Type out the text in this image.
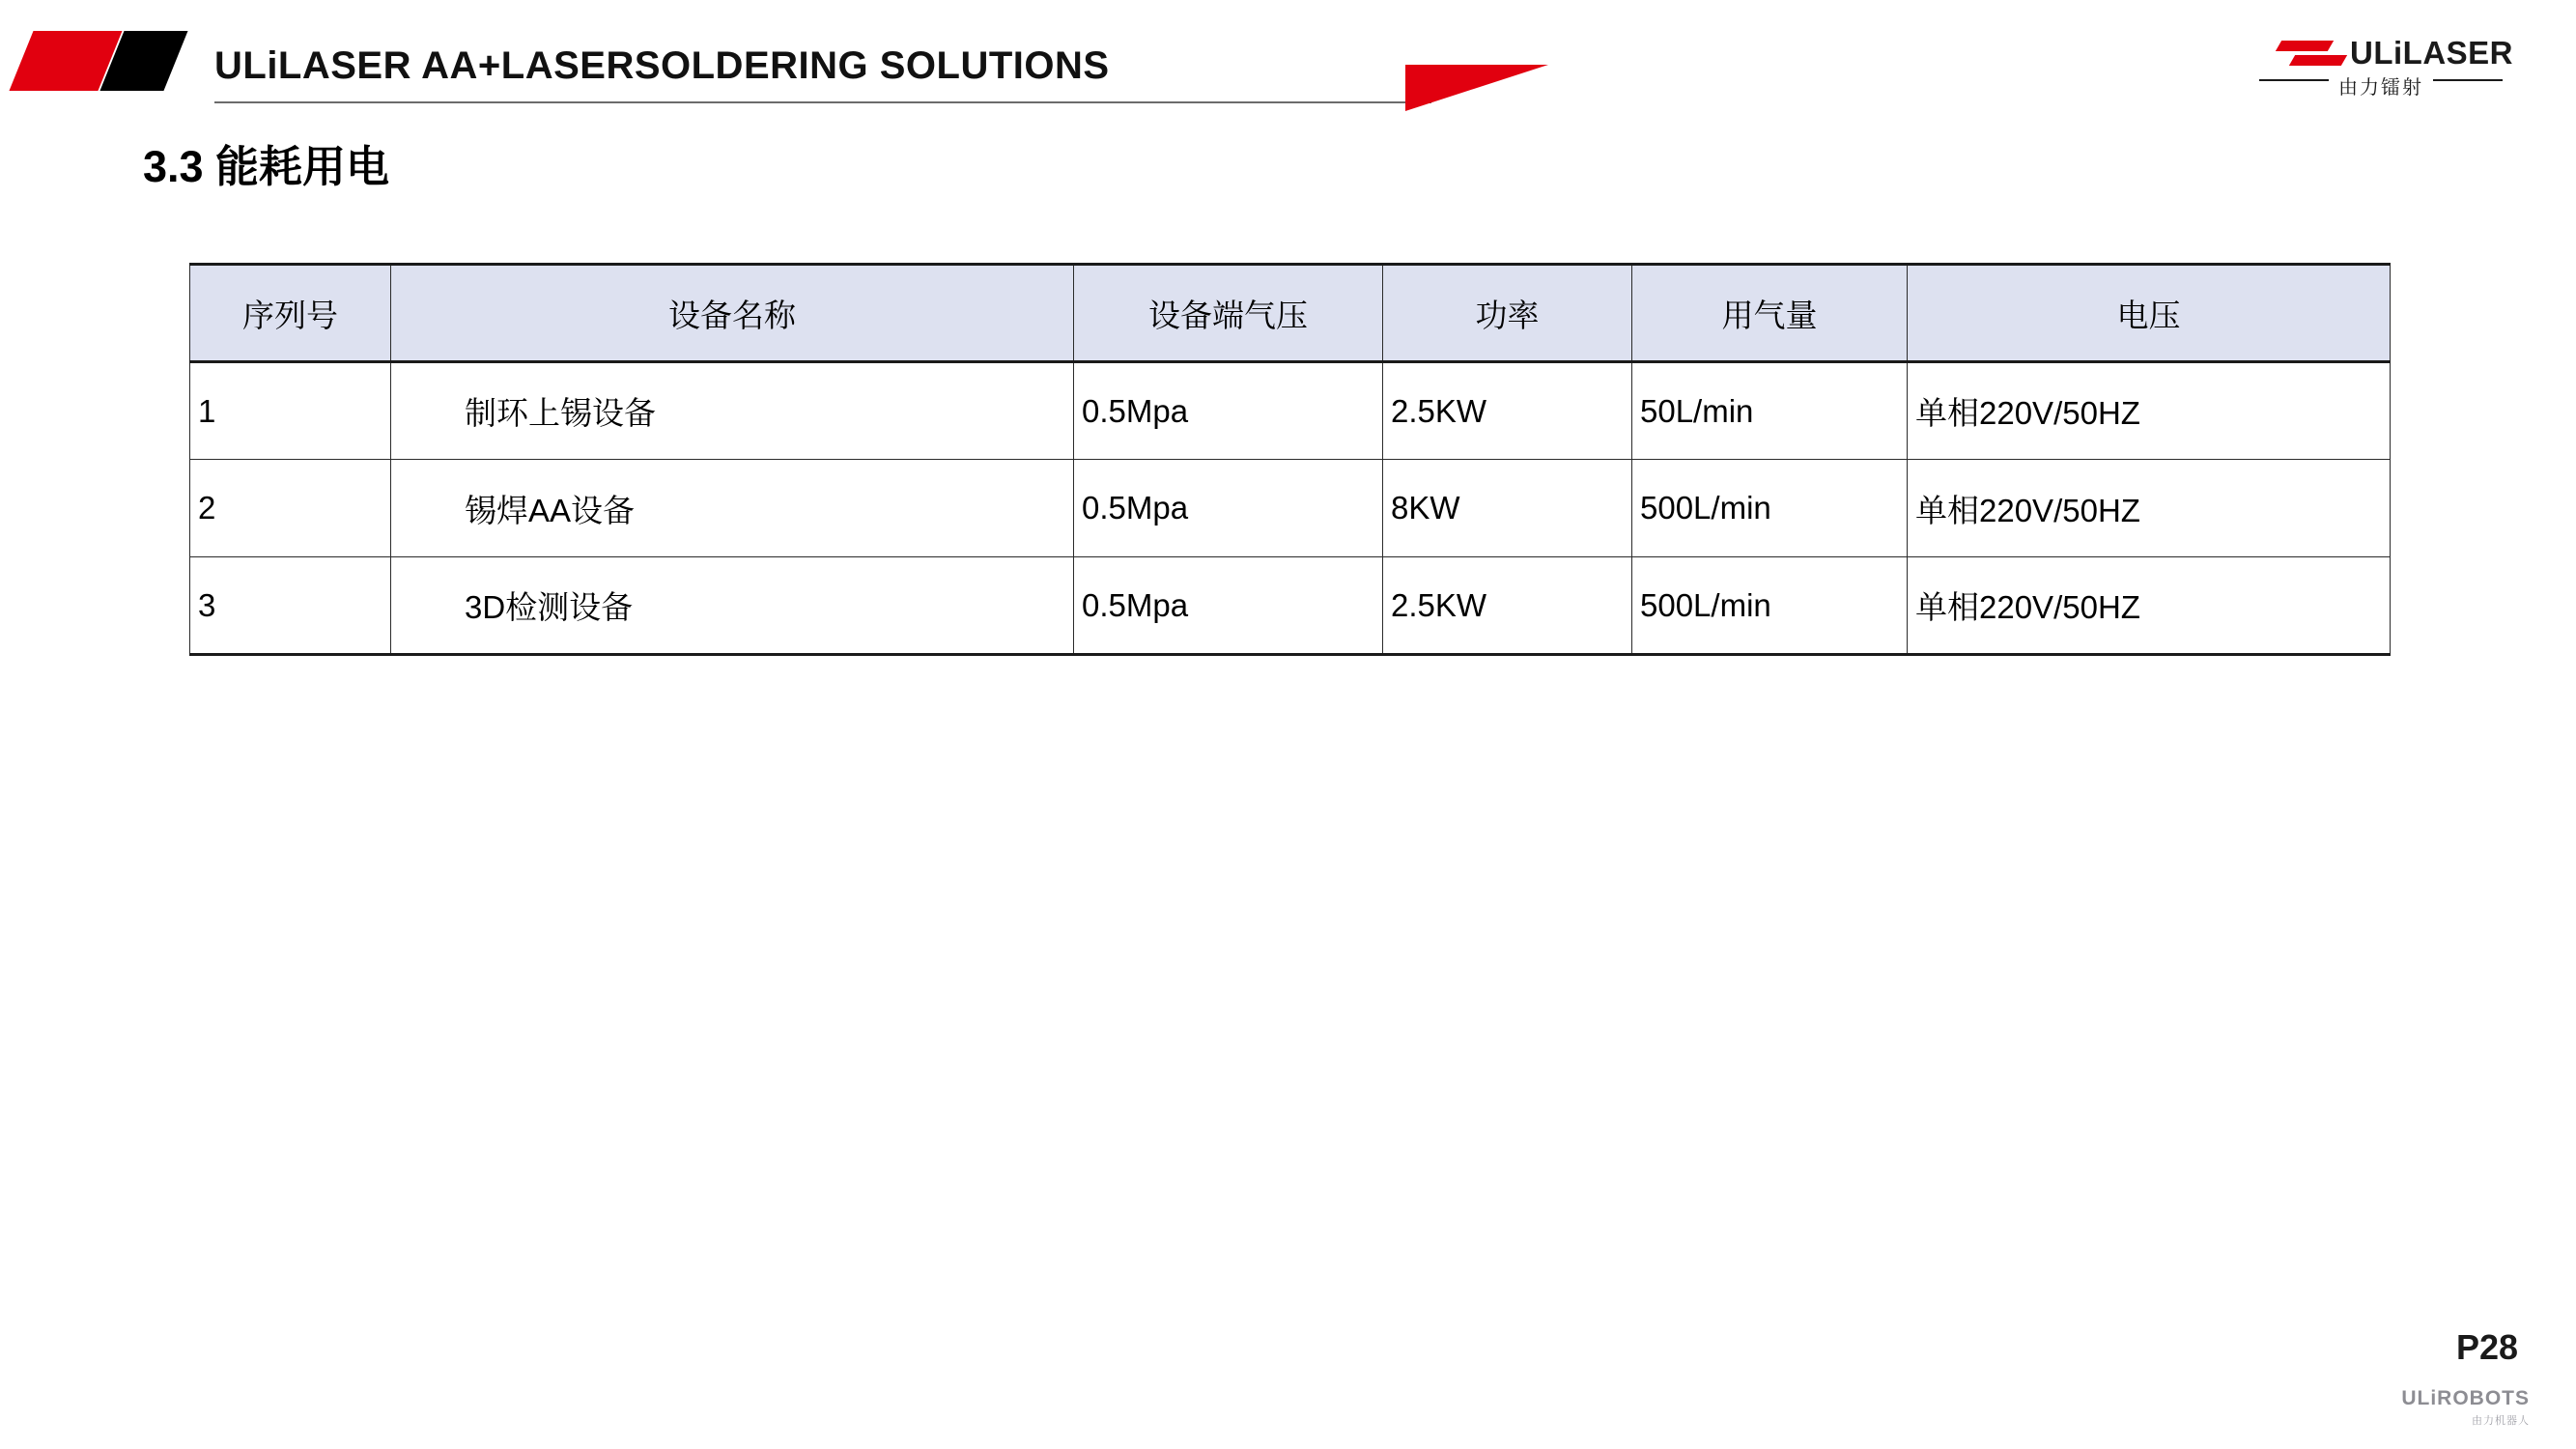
ULiLASER AA+LASERSOLDERING SOLUTIONS	ULiLASER
由力镭射
3.3 能耗用电
序列号	设备名称	设备端气压	功率	用气量	电压
1	制环上锡设备	0.5Mpa	2.5KW	50L/min	单相220V/50HZ
2	锡焊AA设备	0.5Mpa	8KW	500L/min	单相220V/50HZ
3	3D检测设备	0.5Mpa	2.5KW	500L/min	单相220V/50HZ
P28
ULiROBOTS
由力机器人
